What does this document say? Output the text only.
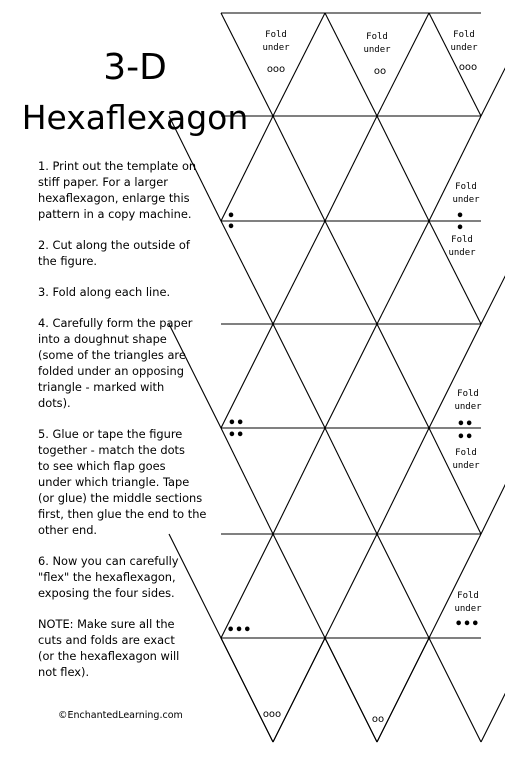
3-D
Hexaflexagon

1. Print out the template on
stiff paper. For a larger
hexaflexagon, enlarge this
pattern in a copy machine.

2. Cut along the outside of
the figure.

3. Fold along each line.

4. Carefully form the paper
into a doughnut shape
(some of the triangles are
folded under an opposing
triangle - marked with
dots).

5. Glue or tape the figure
together - match the dots
to see which flap goes
under which triangle. Tape
(or glue) the middle sections
first, then glue the end to the
other end.

6. Now you can carefully
"flex" the hexaflexagon,
exposing the four sides.

NOTE: Make sure all the
cuts and folds are exact
(or the hexaflexagon will
not flex).

©EnchantedLearning.com
Fold
under
Fold
under
Fold
under
Fold
under
Fold
under
Fold
under
Fold
under
Fold
under
ooo	oo	ooo
•
•
•
•
••
••
••
••
•••	•••
ooo	oo
